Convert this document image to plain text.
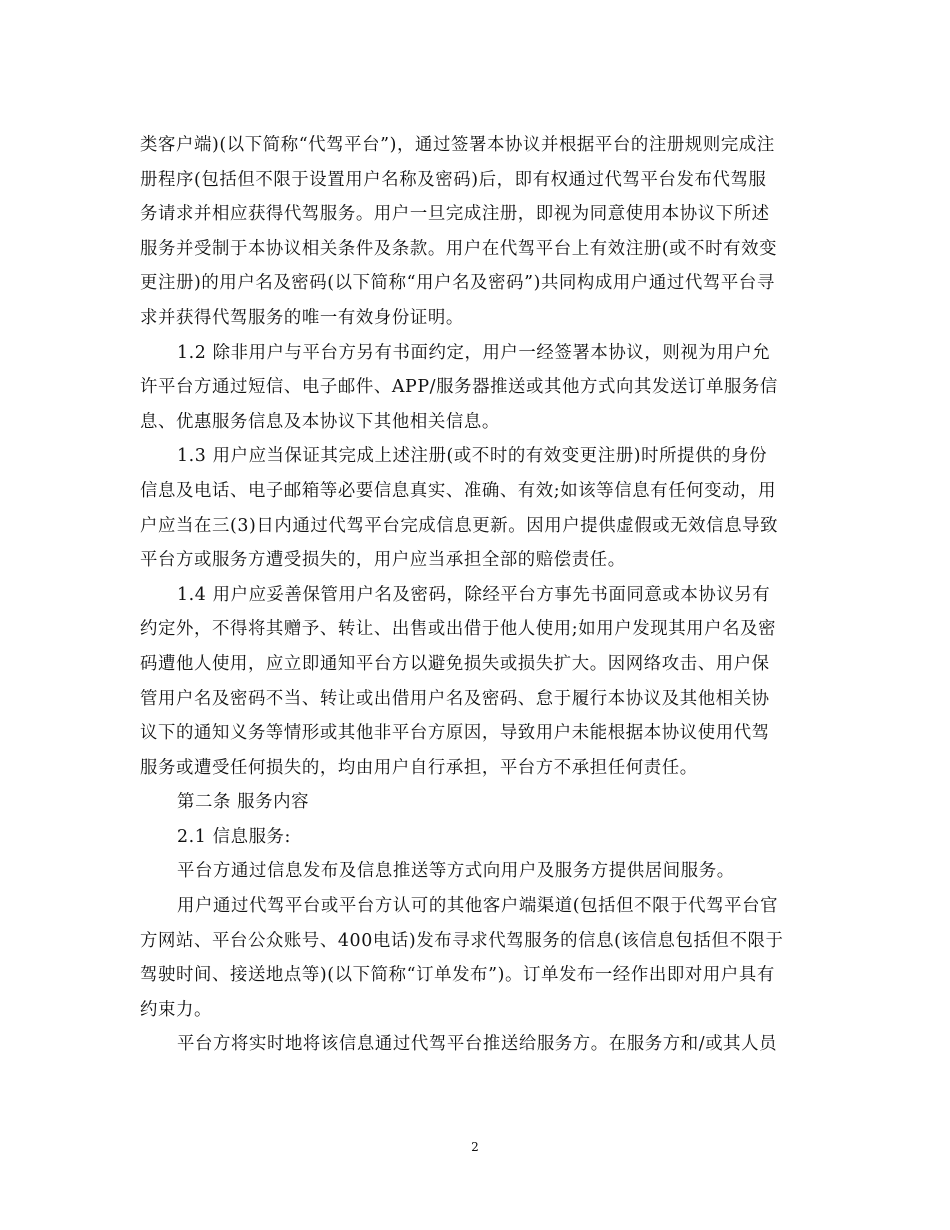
类客户端)(以下简称“代驾平台”)，通过签署本协议并根据平台的注册规则完成注
册程序(包括但不限于设置用户名称及密码)后，即有权通过代驾平台发布代驾服
务请求并相应获得代驾服务。用户一旦完成注册，即视为同意使用本协议下所述
服务并受制于本协议相关条件及条款。用户在代驾平台上有效注册(或不时有效变
更注册)的用户名及密码(以下简称“用户名及密码”)共同构成用户通过代驾平台寻
求并获得代驾服务的唯一有效身份证明。
1.2 除非用户与平台方另有书面约定，用户一经签署本协议，则视为用户允
许平台方通过短信、电子邮件、APP/服务器推送或其他方式向其发送订单服务信
息、优惠服务信息及本协议下其他相关信息。
1.3 用户应当保证其完成上述注册(或不时的有效变更注册)时所提供的身份
信息及电话、电子邮箱等必要信息真实、准确、有效;如该等信息有任何变动，用
户应当在三(3)日内通过代驾平台完成信息更新。因用户提供虚假或无效信息导致
平台方或服务方遭受损失的，用户应当承担全部的赔偿责任。
1.4 用户应妥善保管用户名及密码，除经平台方事先书面同意或本协议另有
约定外，不得将其赠予、转让、出售或出借于他人使用;如用户发现其用户名及密
码遭他人使用，应立即通知平台方以避免损失或损失扩大。因网络攻击、用户保
管用户名及密码不当、转让或出借用户名及密码、怠于履行本协议及其他相关协
议下的通知义务等情形或其他非平台方原因，导致用户未能根据本协议使用代驾
服务或遭受任何损失的，均由用户自行承担，平台方不承担任何责任。
第二条 服务内容
2.1 信息服务:
平台方通过信息发布及信息推送等方式向用户及服务方提供居间服务。
用户通过代驾平台或平台方认可的其他客户端渠道(包括但不限于代驾平台官
方网站、平台公众账号、400电话)发布寻求代驾服务的信息(该信息包括但不限于
驾驶时间、接送地点等)(以下简称“订单发布”)。订单发布一经作出即对用户具有
约束力。
平台方将实时地将该信息通过代驾平台推送给服务方。在服务方和/或其人员
2
